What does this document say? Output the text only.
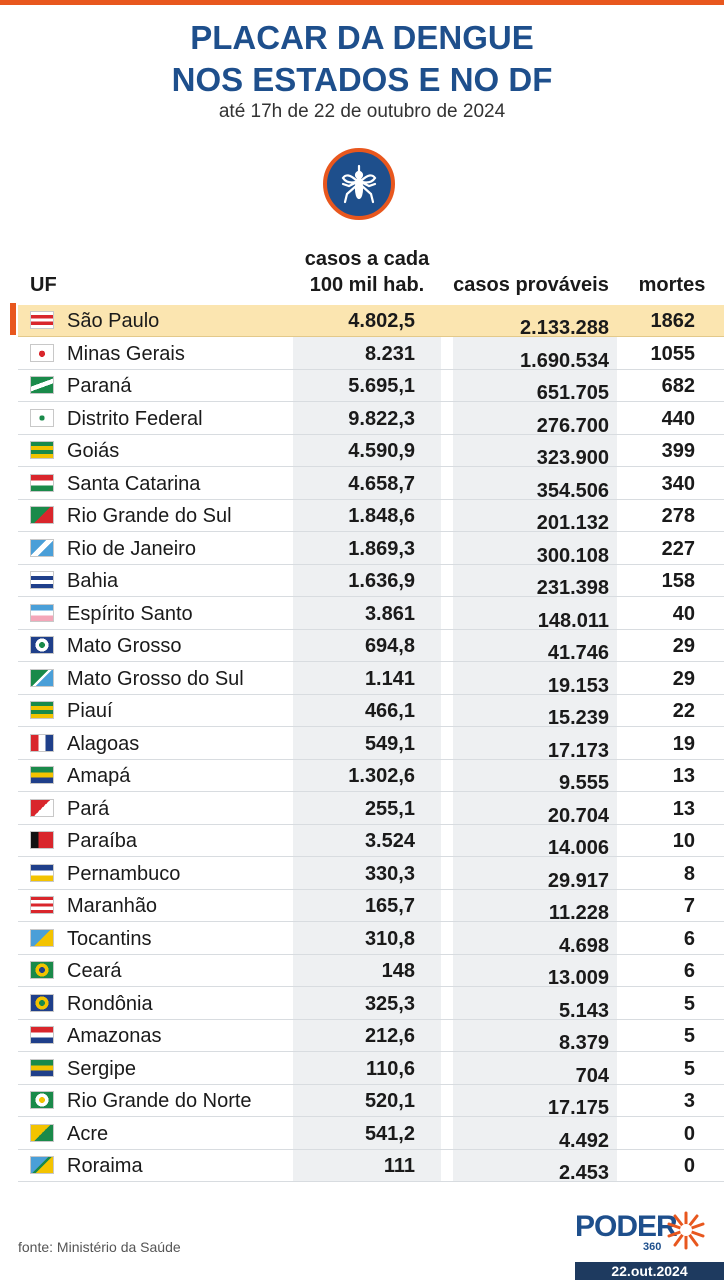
PLACAR DA DENGUE
NOS ESTADOS E NO DF
até 17h de 22 de outubro de 2024
UF
casos a cada
100 mil hab.	casos prováveis	mortes
São Paulo	4.802,5	2.133.288	1862
Minas Gerais	8.231	1.690.534	1055
Paraná	5.695,1	651.705	682
Distrito Federal	9.822,3	276.700	440
Goiás	4.590,9	323.900	399
Santa Catarina	4.658,7	354.506	340
Rio Grande do Sul	1.848,6	201.132	278
Rio de Janeiro	1.869,3	300.108	227
Bahia	1.636,9	231.398	158
Espírito Santo	3.861	148.011	40
Mato Grosso	694,8	41.746	29
Mato Grosso do Sul	1.141	19.153	29
Piauí	466,1	15.239	22
Alagoas	549,1	17.173	19
Amapá	1.302,6	9.555	13
Pará	255,1	20.704	13
Paraíba	3.524	14.006	10
Pernambuco	330,3	29.917	8
Maranhão	165,7	11.228	7
Tocantins	310,8	4.698	6
Ceará	148	13.009	6
Rondônia	325,3	5.143	5
Amazonas	212,6	8.379	5
Sergipe	110,6	704	5
Rio Grande do Norte	520,1	17.175	3
Acre	541,2	4.492	0
Roraima	111	2.453	0
fonte: Ministério da Saúde
PODER
360
22.out.2024
